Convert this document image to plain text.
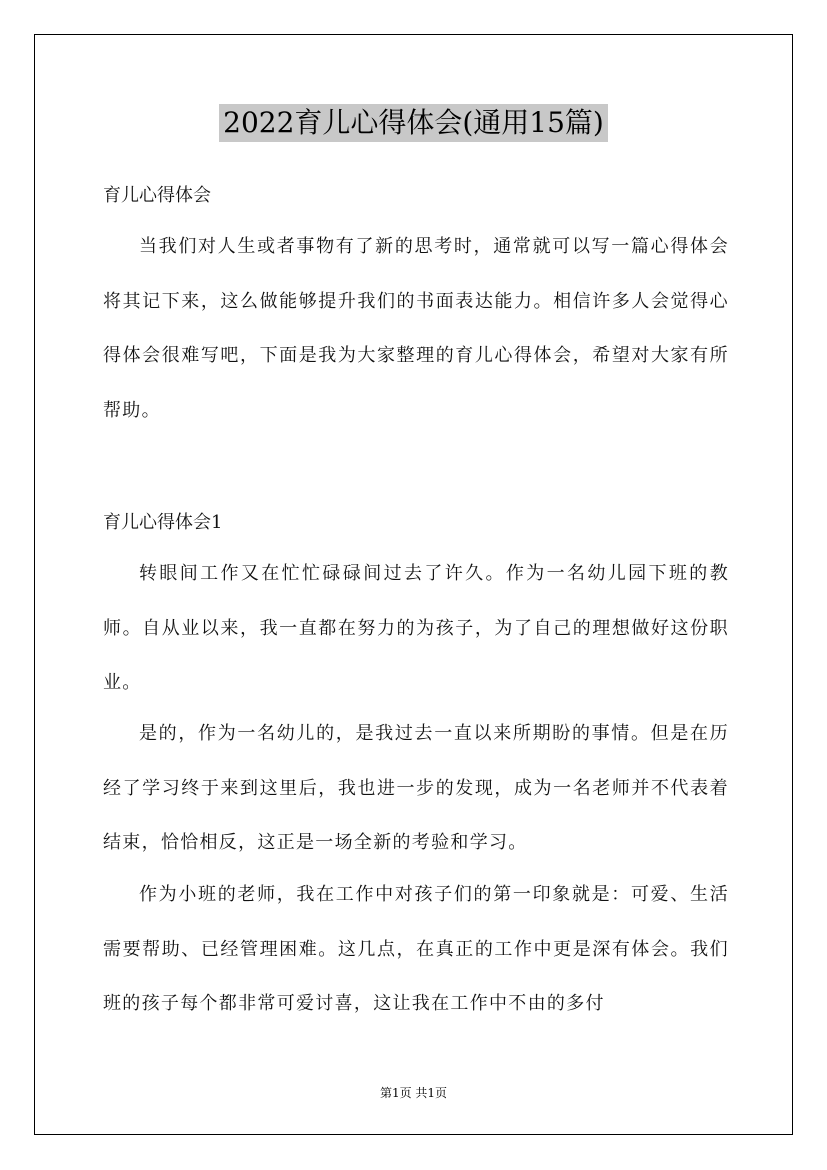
2022育儿心得体会(通用15篇)
育儿心得体会

当我们对人生或者事物有了新的思考时，通常就可以写一篇心得体会将其记下来，这么做能够提升我们的书面表达能力。相信许多人会觉得心得体会很难写吧，下面是我为大家整理的育儿心得体会，希望对大家有所帮助。

育儿心得体会1

转眼间工作又在忙忙碌碌间过去了许久。作为一名幼儿园下班的教师。自从业以来，我一直都在努力的为孩子，为了自己的理想做好这份职业。

是的，作为一名幼儿的，是我过去一直以来所期盼的事情。但是在历经了学习终于来到这里后，我也进一步的发现，成为一名老师并不代表着结束，恰恰相反，这正是一场全新的考验和学习。

作为小班的老师，我在工作中对孩子们的第一印象就是：可爱、生活需要帮助、已经管理困难。这几点，在真正的工作中更是深有体会。我们班的孩子每个都非常可爱讨喜，这让我在工作中不由的多付

第1页 共1页
